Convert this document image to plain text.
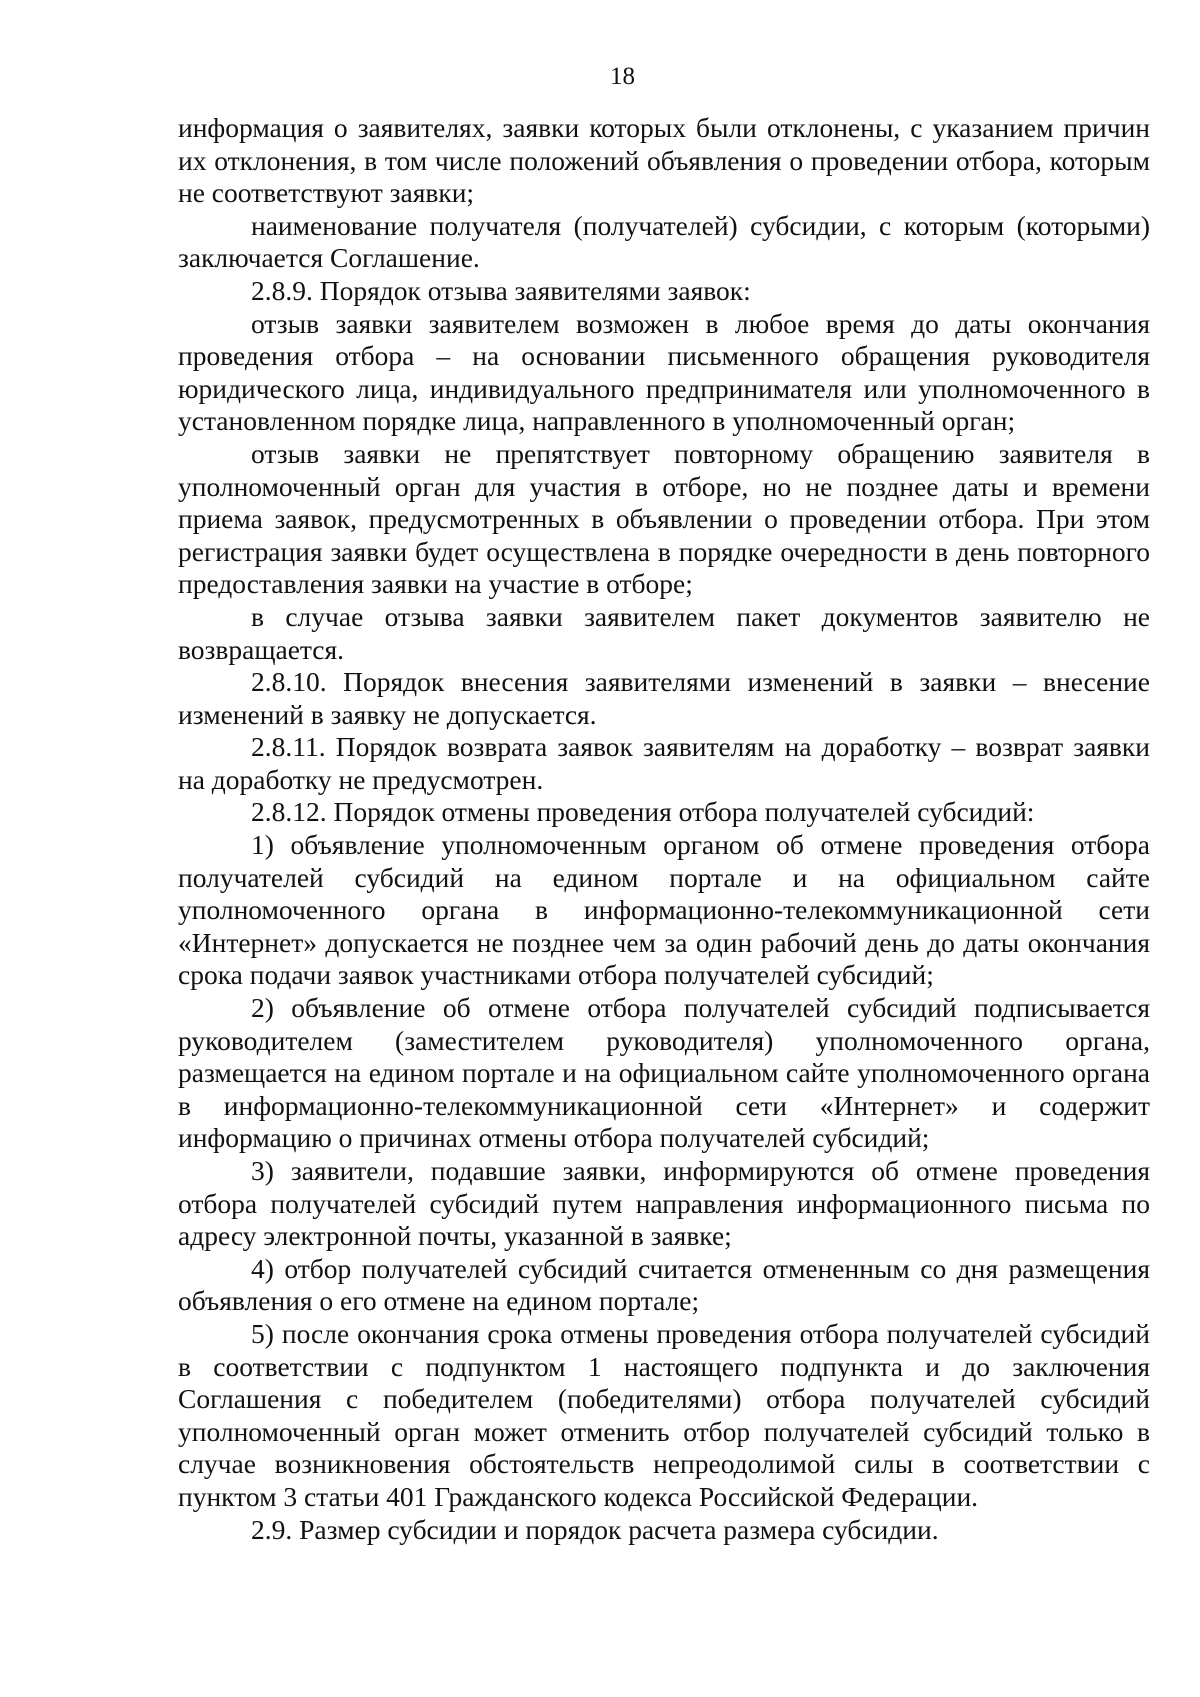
18

информация о заявителях, заявки которых были отклонены, с указанием причин их отклонения, в том числе положений объявления о проведении отбора, которым не соответствуют заявки;

наименование получателя (получателей) субсидии, с которым (которыми) заключается Соглашение.

2.8.9. Порядок отзыва заявителями заявок:

отзыв заявки заявителем возможен в любое время до даты окончания проведения отбора – на основании письменного обращения руководителя юридического лица, индивидуального предпринимателя или уполномоченного в установленном порядке лица, направленного в уполномоченный орган;

отзыв заявки не препятствует повторному обращению заявителя в уполномоченный орган для участия в отборе, но не позднее даты и времени приема заявок, предусмотренных в объявлении о проведении отбора. При этом регистрация заявки будет осуществлена в порядке очередности в день повторного предоставления заявки на участие в отборе;

в случае отзыва заявки заявителем пакет документов заявителю не возвращается.

2.8.10. Порядок внесения заявителями изменений в заявки – внесение изменений в заявку не допускается.

2.8.11. Порядок возврата заявок заявителям на доработку – возврат заявки на доработку не предусмотрен.

2.8.12. Порядок отмены проведения отбора получателей субсидий:

1) объявление уполномоченным органом об отмене проведения отбора получателей субсидий на едином портале и на официальном сайте уполномоченного органа в информационно-телекоммуникационной сети «Интернет» допускается не позднее чем за один рабочий день до даты окончания срока подачи заявок участниками отбора получателей субсидий;

2) объявление об отмене отбора получателей субсидий подписывается руководителем (заместителем руководителя) уполномоченного органа, размещается на едином портале и на официальном сайте уполномоченного органа в информационно-телекоммуникационной сети «Интернет» и содержит информацию о причинах отмены отбора получателей субсидий;

3) заявители, подавшие заявки, информируются об отмене проведения отбора получателей субсидий путем направления информационного письма по адресу электронной почты, указанной в заявке;

4) отбор получателей субсидий считается отмененным со дня размещения объявления о его отмене на едином портале;

5) после окончания срока отмены проведения отбора получателей субсидий в соответствии с подпунктом 1 настоящего подпункта и до заключения Соглашения с победителем (победителями) отбора получателей субсидий уполномоченный орган может отменить отбор получателей субсидий только в случае возникновения обстоятельств непреодолимой силы в соответствии с пунктом 3 статьи 401 Гражданского кодекса Российской Федерации.

2.9. Размер субсидии и порядок расчета размера субсидии.
